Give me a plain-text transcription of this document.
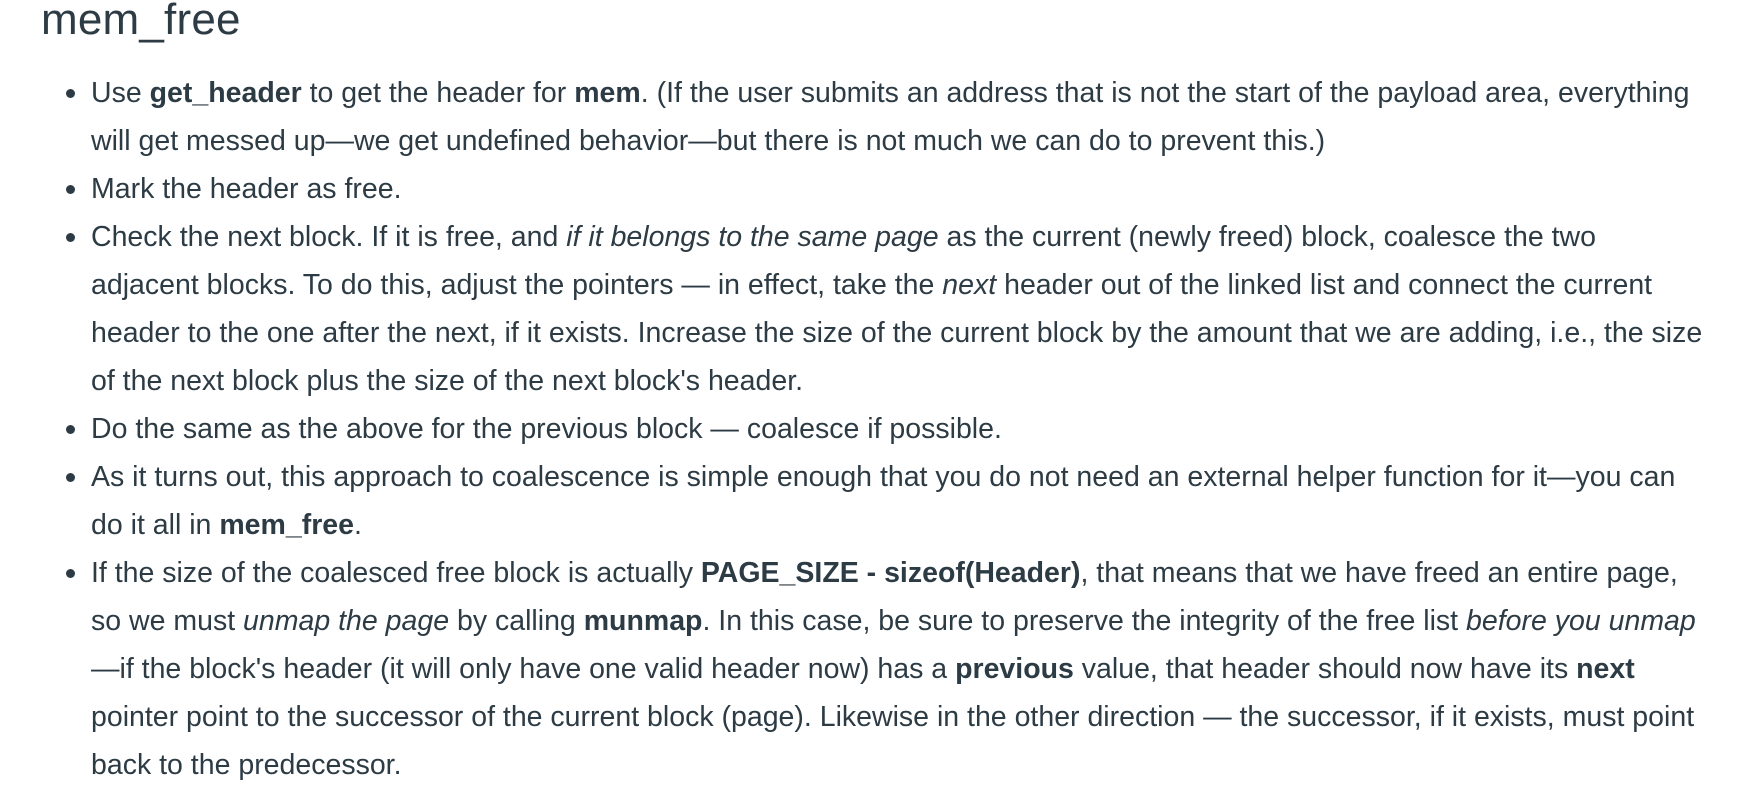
mem_free
Use get_header to get the header for mem. (If the user submits an address that is not the start of the payload area, everything will get messed up—we get undefined behavior—but there is not much we can do to prevent this.)
Mark the header as free.
Check the next block. If it is free, and if it belongs to the same page as the current (newly freed) block, coalesce the two adjacent blocks. To do this, adjust the pointers — in effect, take the next header out of the linked list and connect the current header to the one after the next, if it exists. Increase the size of the current block by the amount that we are adding, i.e., the size of the next block plus the size of the next block's header.
Do the same as the above for the previous block — coalesce if possible.
As it turns out, this approach to coalescence is simple enough that you do not need an external helper function for it—you can do it all in mem_free.
If the size of the coalesced free block is actually PAGE_SIZE - sizeof(Header), that means that we have freed an entire page, so we must unmap the page by calling munmap. In this case, be sure to preserve the integrity of the free list before you unmap—if the block's header (it will only have one valid header now) has a previous value, that header should now have its next pointer point to the successor of the current block (page). Likewise in the other direction — the successor, if it exists, must point back to the predecessor.
